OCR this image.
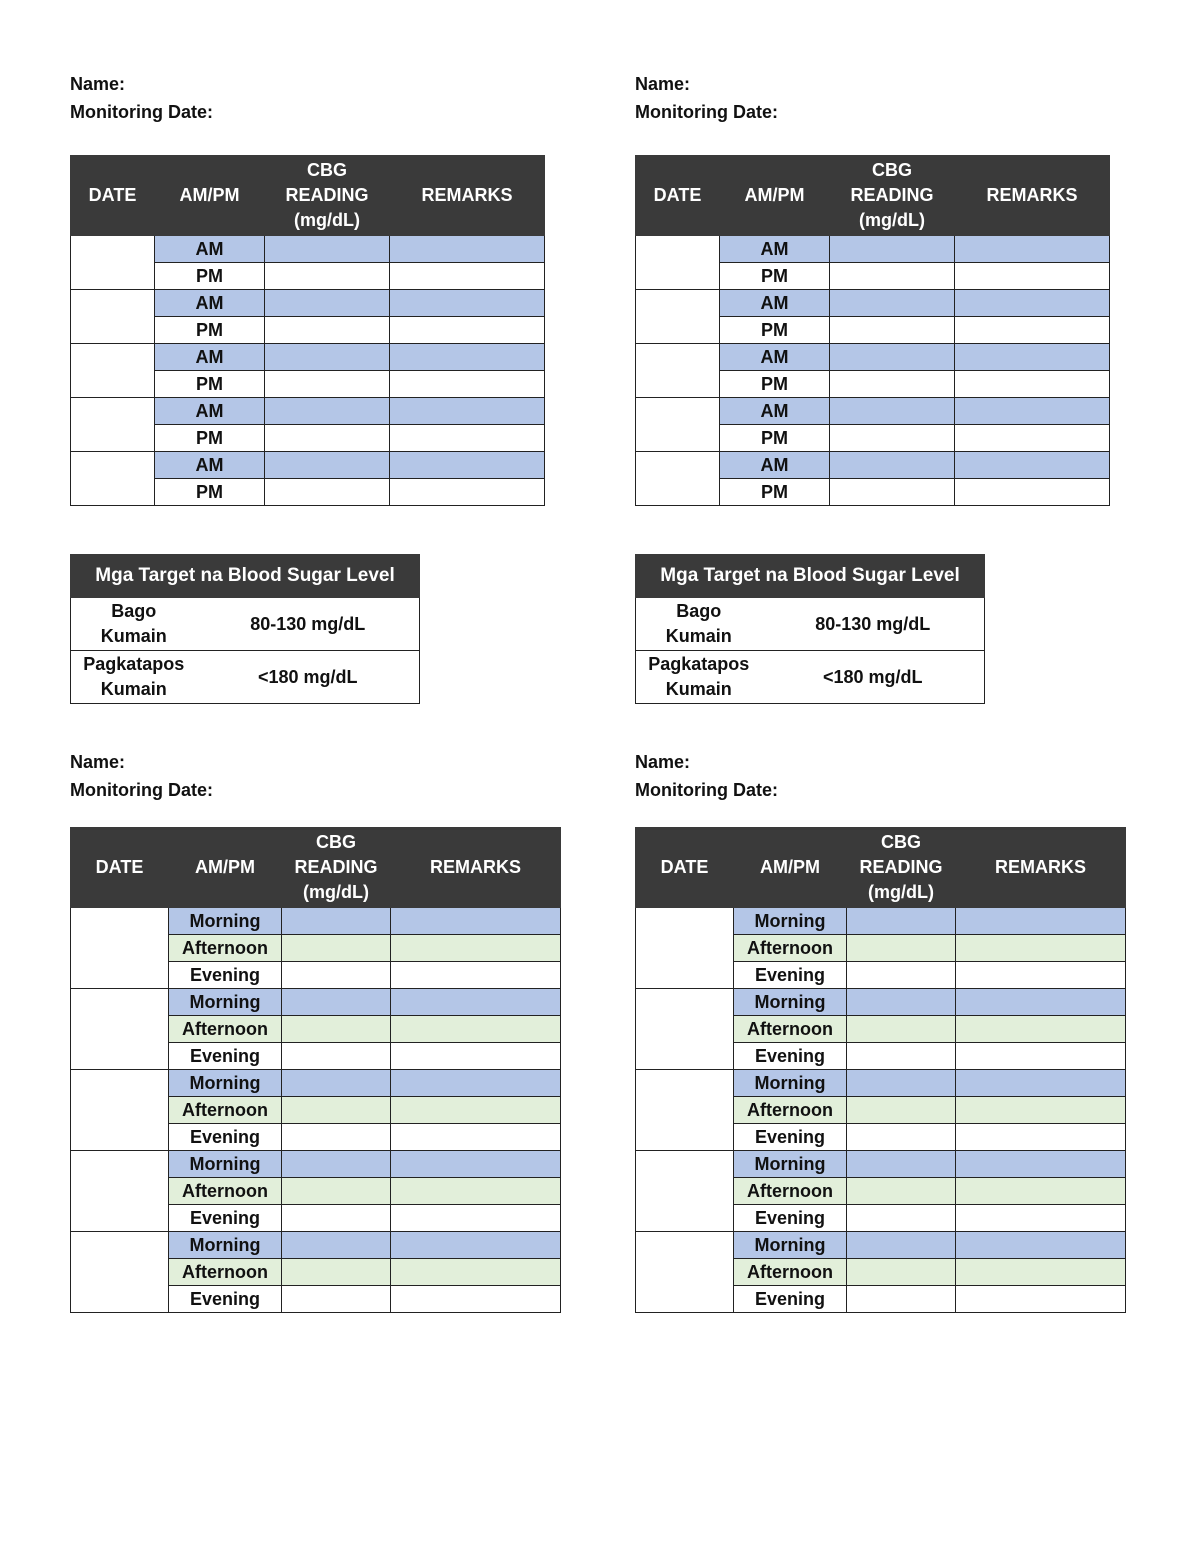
Name:
Monitoring Date:
DATE	AM/PM	CBG
READING
(mg/dL)	REMARKS
	AM		
	PM		
	AM		
	PM		
	AM		
	PM		
	AM		
	PM		
	AM		
	PM		
Mga Target na Blood Sugar Level	

Bago
Kumain	80-130 mg/dL

Pagkatapos
Kumain	<180 mg/dL
Name:
Monitoring Date:
DATE	AM/PM	CBG
READING
(mg/dL)	REMARKS
	AM		
	PM		
	AM		
	PM		
	AM		
	PM		
	AM		
	PM		
	AM		
	PM		
Mga Target na Blood Sugar Level	

Bago
Kumain	80-130 mg/dL

Pagkatapos
Kumain	<180 mg/dL
Name:
Monitoring Date:
DATE	AM/PM	CBG
READING
(mg/dL)	REMARKS
	Morning		
	Afternoon		
	Evening		
	Morning		
	Afternoon		
	Evening		
	Morning		
	Afternoon		
	Evening		
	Morning		
	Afternoon		
	Evening		
	Morning		
	Afternoon		
	Evening		
Name:
Monitoring Date:
DATE	AM/PM	CBG
READING
(mg/dL)	REMARKS
	Morning		
	Afternoon		
	Evening		
	Morning		
	Afternoon		
	Evening		
	Morning		
	Afternoon		
	Evening		
	Morning		
	Afternoon		
	Evening		
	Morning		
	Afternoon		
	Evening		
